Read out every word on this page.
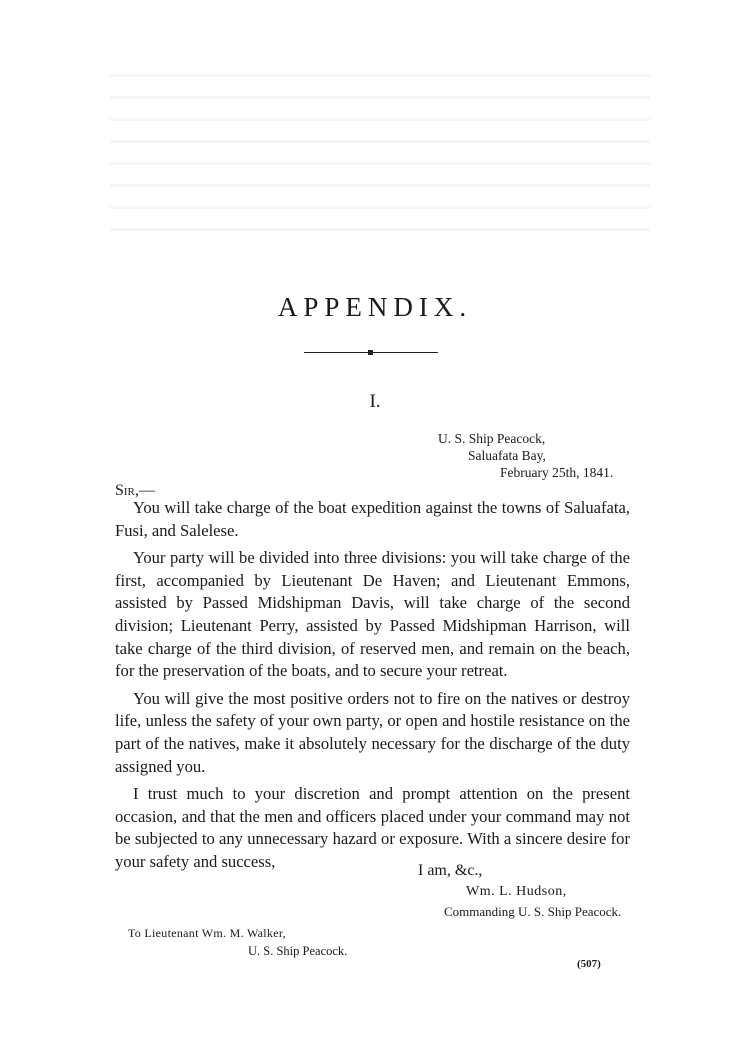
APPENDIX.
I.
U. S. Ship Peacock,
Saluafata Bay,
February 25th, 1841.
Sir,—

You will take charge of the boat expedition against the towns of Saluafata, Fusi, and Salelese.

Your party will be divided into three divisions: you will take charge of the first, accompanied by Lieutenant De Haven; and Lieutenant Emmons, assisted by Passed Midshipman Davis, will take charge of the second division; Lieutenant Perry, assisted by Passed Midshipman Harrison, will take charge of the third division, of reserved men, and remain on the beach, for the preservation of the boats, and to secure your retreat.

You will give the most positive orders not to fire on the natives or destroy life, unless the safety of your own party, or open and hostile resistance on the part of the natives, make it absolutely necessary for the discharge of the duty assigned you.

I trust much to your discretion and prompt attention on the present occasion, and that the men and officers placed under your command may not be subjected to any unnecessary hazard or exposure. With a sincere desire for your safety and success,	I am, &c.,
Wm. L. Hudson,
Commanding U. S. Ship Peacock.
To Lieutenant Wm. M. Walker,
U. S. Ship Peacock.
(507)
